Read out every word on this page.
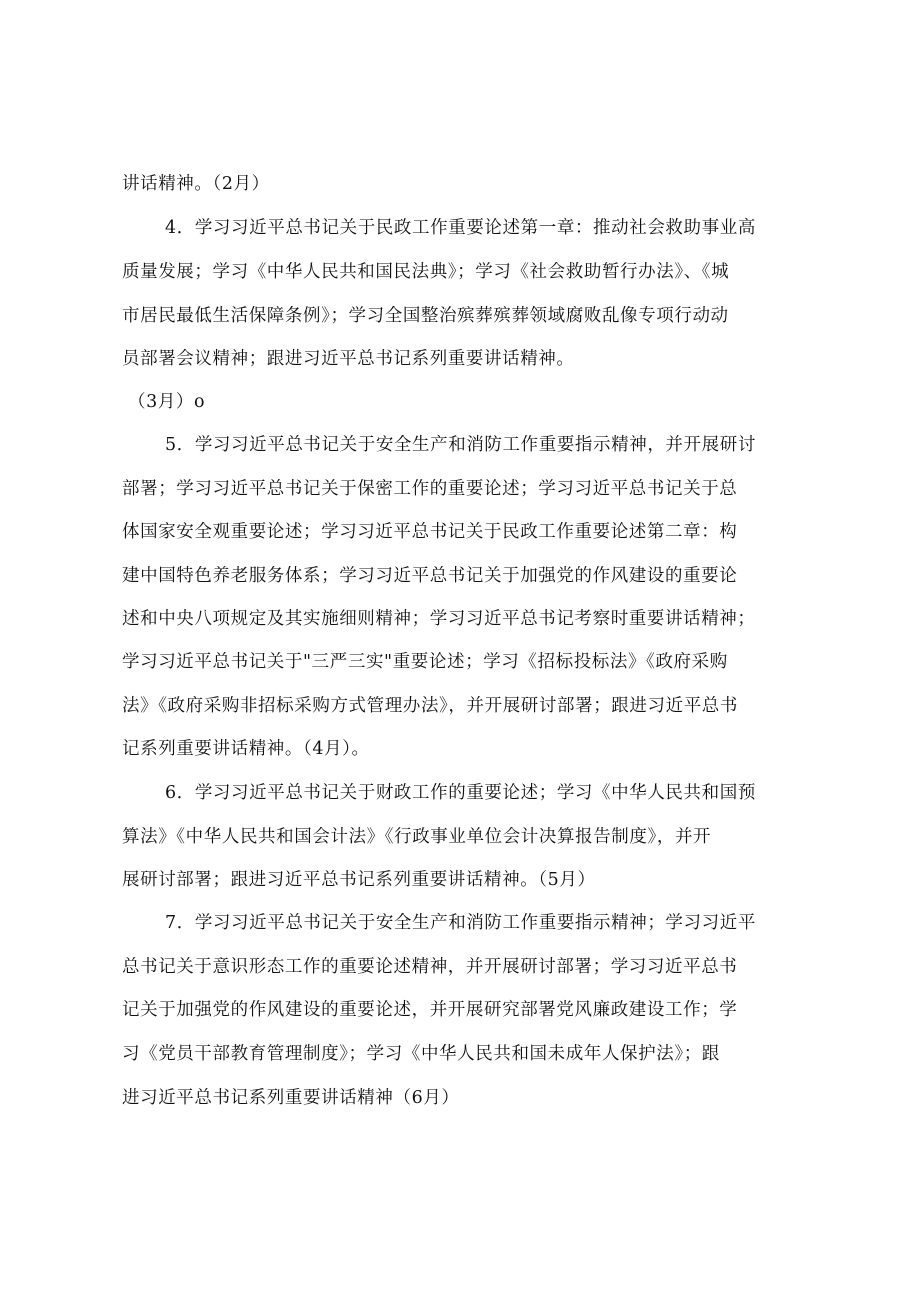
讲话精神。（2月）
4．学习习近平总书记关于民政工作重要论述第一章：推动社会救助事业高
质量发展；学习《中华人民共和国民法典》；学习《社会救助暂行办法》、《城
市居民最低生活保障条例》；学习全国整治殡葬殡葬领域腐败乱像专项行动动
员部署会议精神；跟进习近平总书记系列重要讲话精神。
（3月）o
5．学习习近平总书记关于安全生产和消防工作重要指示精神，并开展研讨
部署；学习习近平总书记关于保密工作的重要论述；学习习近平总书记关于总
体国家安全观重要论述；学习习近平总书记关于民政工作重要论述第二章：构
建中国特色养老服务体系；学习习近平总书记关于加强党的作风建设的重要论
述和中央八项规定及其实施细则精神；学习习近平总书记考察时重要讲话精神；
学习习近平总书记关于"三严三实"重要论述；学习《招标投标法》《政府采购
法》《政府采购非招标采购方式管理办法》，并开展研讨部署；跟进习近平总书
记系列重要讲话精神。（4月）。
6．学习习近平总书记关于财政工作的重要论述；学习《中华人民共和国预
算法》《中华人民共和国会计法》《行政事业单位会计决算报告制度》，并开
展研讨部署；跟进习近平总书记系列重要讲话精神。（5月）
7．学习习近平总书记关于安全生产和消防工作重要指示精神；学习习近平
总书记关于意识形态工作的重要论述精神，并开展研讨部署；学习习近平总书
记关于加强党的作风建设的重要论述，并开展研究部署党风廉政建设工作；学
习《党员干部教育管理制度》；学习《中华人民共和国未成年人保护法》；跟
进习近平总书记系列重要讲话精神（6月）
